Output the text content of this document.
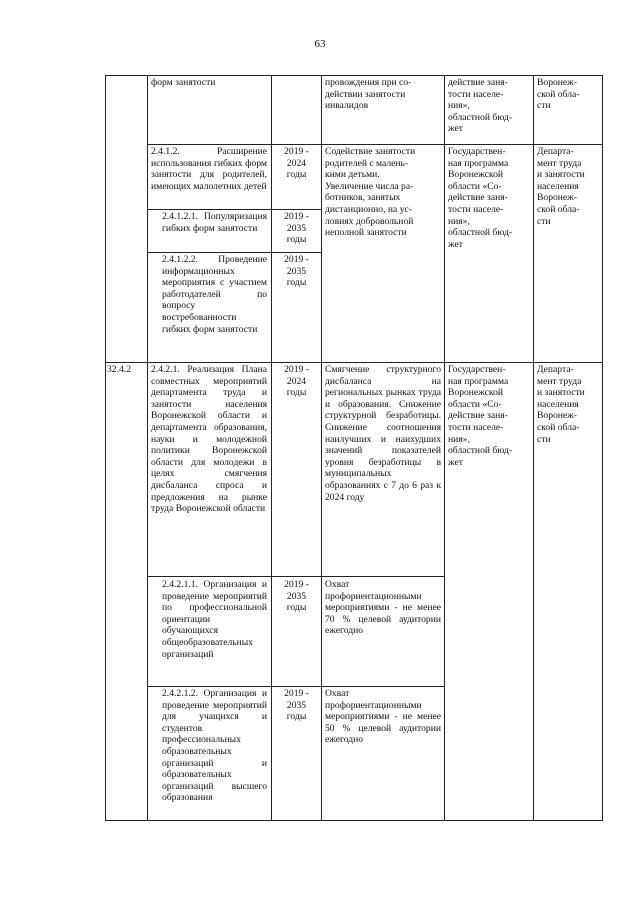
63
форм занятости	провождения при со-
действии занятости
инвалидов
действие заня-
тости населе-
ния»,
областной бюд-
жет
Воронеж-
ской обла-
сти
2.4.1.2. Расширение использования гибких форм занятости для родителей, имеющих малолетних детей
2019 -
2024
годы
Содействие занятости
родителей с малень-
кими детьми.
Увеличение числа ра-
ботников, занятых
дистанционно, на ус-
ловиях добровольной
неполной занятости
Государствен-
ная программа
Воронежской
области «Со-
действие заня-
тости населе-
ния»,
областной бюд-
жет
Департа-
мент труда
и занятости
населения
Воронеж-
ской обла-
сти
2.4.1.2.1. Популяризация гибких форм занятости
2019 -
2035
годы
2.4.1.2.2. Проведение информационных мероприятия с участием работодателей по вопросу востребованности гибких форм занятости
2019 -
2035
годы
32.4.2	2.4.2.1. Реализация Плана совместных мероприятий департамента труда и занятости населения Воронежской области и департамента образования, науки и молодежной политики Воронежской области для молодежи в целях смягчения дисбаланса спроса и предложения на рынке труда Воронежской области
2019 -
2024
годы
Смягчение структурного дисбаланса на региональных рынках труда и образования. Снижение структурной безработицы. Снижение соотношения наилучших и наихудших значений показателей уровня безработицы в муниципальных образованиях с 7 до 6 раз к 2024 году
Государствен-
ная программа
Воронежской
области «Со-
действие заня-
тости населе-
ния»,
областной бюд-
жет
Департа-
мент труда
и занятости
населения
Воронеж-
ской обла-
сти
2.4.2.1.1. Организация и проведение мероприятий по профессиональной ориентации обучающихся общеобразовательных организаций
2019 -
2035
годы
Охват профориентационными мероприятиями - не менее 70 % целевой аудитории ежегодно
2.4.2.1.2. Организация и проведение мероприятий для учащихся и студентов профессиональных образовательных организаций и образовательных организаций высшего образования
2019 -
2035
годы
Охват профориентационными мероприятиями - не менее 50 % целевой аудитории ежегодно
